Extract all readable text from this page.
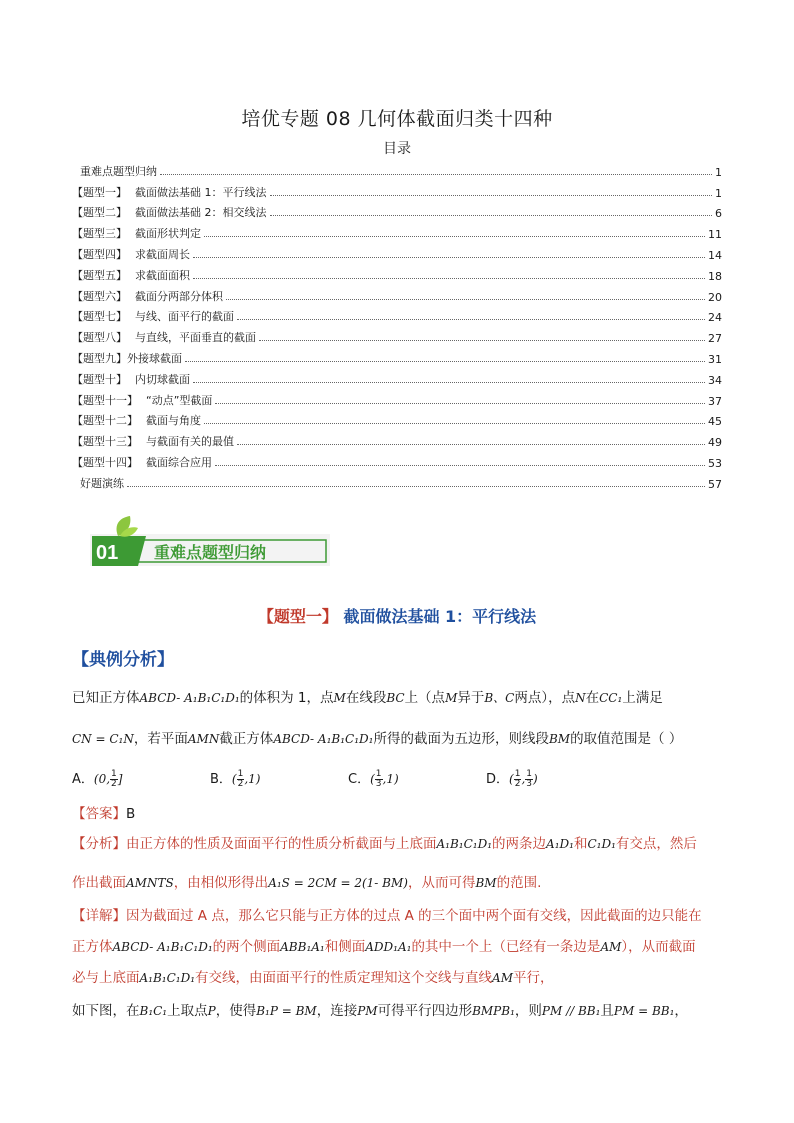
培优专题 08 几何体截面归类十四种
目录
重难点题型归纳	1
【题型一】 截面做法基础 1：平行线法	1
【题型二】 截面做法基础 2：相交线法	6
【题型三】 截面形状判定	11
【题型四】 求截面周长	14
【题型五】 求截面面积	18
【题型六】 截面分两部分体积	20
【题型七】 与线、面平行的截面	24
【题型八】 与直线，平面垂直的截面	27
【题型九】外接球截面	31
【题型十】 内切球截面	34
【题型十一】 “动点”型截面	37
【题型十二】 截面与角度	45
【题型十三】 与截面有关的最值	49
【题型十四】 截面综合应用	53
好题演练	57
01 重难点题型归纳
【题型一】 截面做法基础 1：平行线法
【典例分析】
已知正方体ABCD- A₁B₁C₁D₁的体积为 1，点M在线段BC上（点M异于B、C两点），点N在CC₁上满足
CN = C₁N，若平面AMN截正方体ABCD- A₁B₁C₁D₁所得的截面为五边形，则线段BM的取值范围是（ ）
A．(0, $\frac{1}{2}$ ]	B．( $\frac{1}{2} ,1$)	C．( $\frac{1}{3} ,1$)	D．( $\frac{1}{2}$ , $\frac{1}{3}$ )
【答案】B
【分析】由正方体的性质及面面平行的性质分析截面与上底面A₁B₁C₁D₁的两条边A₁D₁和C₁D₁有交点，然后
作出截面AMNTS，由相似形得出A₁S = 2CM = 2(1- BM)，从而可得BM的范围.
【详解】因为截面过 A 点，那么它只能与正方体的过点 A 的三个面中两个面有交线，因此截面的边只能在
正方体ABCD- A₁B₁C₁D₁的两个侧面ABB₁A₁和侧面ADD₁A₁的其中一个上（已经有一条边是AM），从而截面
必与上底面A₁B₁C₁D₁有交线，由面面平行的性质定理知这个交线与直线AM平行，
如下图，在B₁C₁上取点P，使得B₁P = BM，连接PM可得平行四边形BMPB₁，则PM // BB₁且PM = BB₁，
